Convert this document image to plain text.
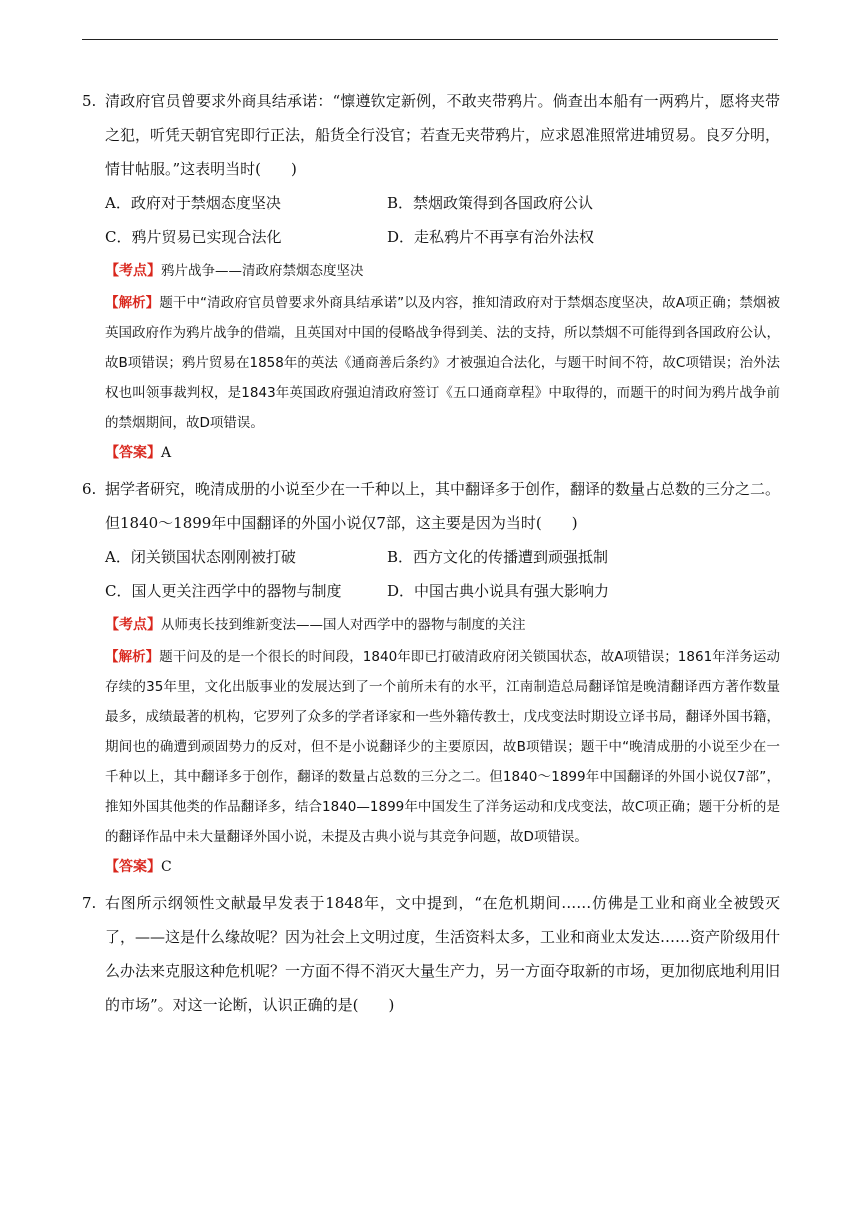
5. 清政府官员曾要求外商具结承诺：“懔遵钦定新例，不敢夹带鸦片。倘查出本船有一两鸦片，愿将夹带之犯，听凭天朝官宪即行正法，船货全行没官；若查无夹带鸦片，应求恩准照常进埔贸易。良歹分明，情甘帖服。”这表明当时(　　)
A．政府对于禁烟态度坚决	B．禁烟政策得到各国政府公认
C．鸦片贸易已实现合法化	D．走私鸦片不再享有治外法权
【考点】鸦片战争——清政府禁烟态度坚决
【解析】题干中“清政府官员曾要求外商具结承诺”以及内容，推知清政府对于禁烟态度坚决，故A项正确；禁烟被英国政府作为鸦片战争的借端，且英国对中国的侵略战争得到美、法的支持，所以禁烟不可能得到各国政府公认，故B项错误；鸦片贸易在1858年的英法《通商善后条约》才被强迫合法化，与题干时间不符，故C项错误；治外法权也叫领事裁判权，是1843年英国政府强迫清政府签订《五口通商章程》中取得的，而题干的时间为鸦片战争前的禁烟期间，故D项错误。
【答案】A
6. 据学者研究，晚清成册的小说至少在一千种以上，其中翻译多于创作，翻译的数量占总数的三分之二。但1840～1899年中国翻译的外国小说仅7部，这主要是因为当时(　　)
A．闭关锁国状态刚刚被打破	B．西方文化的传播遭到顽强抵制
C．国人更关注西学中的器物与制度	D．中国古典小说具有强大影响力
【考点】从师夷长技到维新变法——国人对西学中的器物与制度的关注
【解析】题干问及的是一个很长的时间段，1840年即已打破清政府闭关锁国状态，故A项错误；1861年洋务运动存续的35年里，文化出版事业的发展达到了一个前所未有的水平，江南制造总局翻译馆是晚清翻译西方著作数量最多，成绩最著的机构，它罗列了众多的学者译家和一些外籍传教士，戊戌变法时期设立译书局，翻译外国书籍，期间也的确遭到顽固势力的反对，但不是小说翻译少的主要原因，故B项错误；题干中“晚清成册的小说至少在一千种以上，其中翻译多于创作，翻译的数量占总数的三分之二。但1840～1899年中国翻译的外国小说仅7部”，推知外国其他类的作品翻译多，结合1840—1899年中国发生了洋务运动和戊戌变法，故C项正确；题干分析的是的翻译作品中未大量翻译外国小说，未提及古典小说与其竞争问题，故D项错误。
【答案】C
7. 右图所示纲领性文献最早发表于1848年，文中提到，“在危机期间……仿佛是工业和商业全被毁灭了，——这是什么缘故呢？因为社会上文明过度，生活资料太多，工业和商业太发达……资产阶级用什么办法来克服这种危机呢？一方面不得不消灭大量生产力，另一方面夺取新的市场，更加彻底地利用旧的市场”。对这一论断，认识正确的是(　　)
